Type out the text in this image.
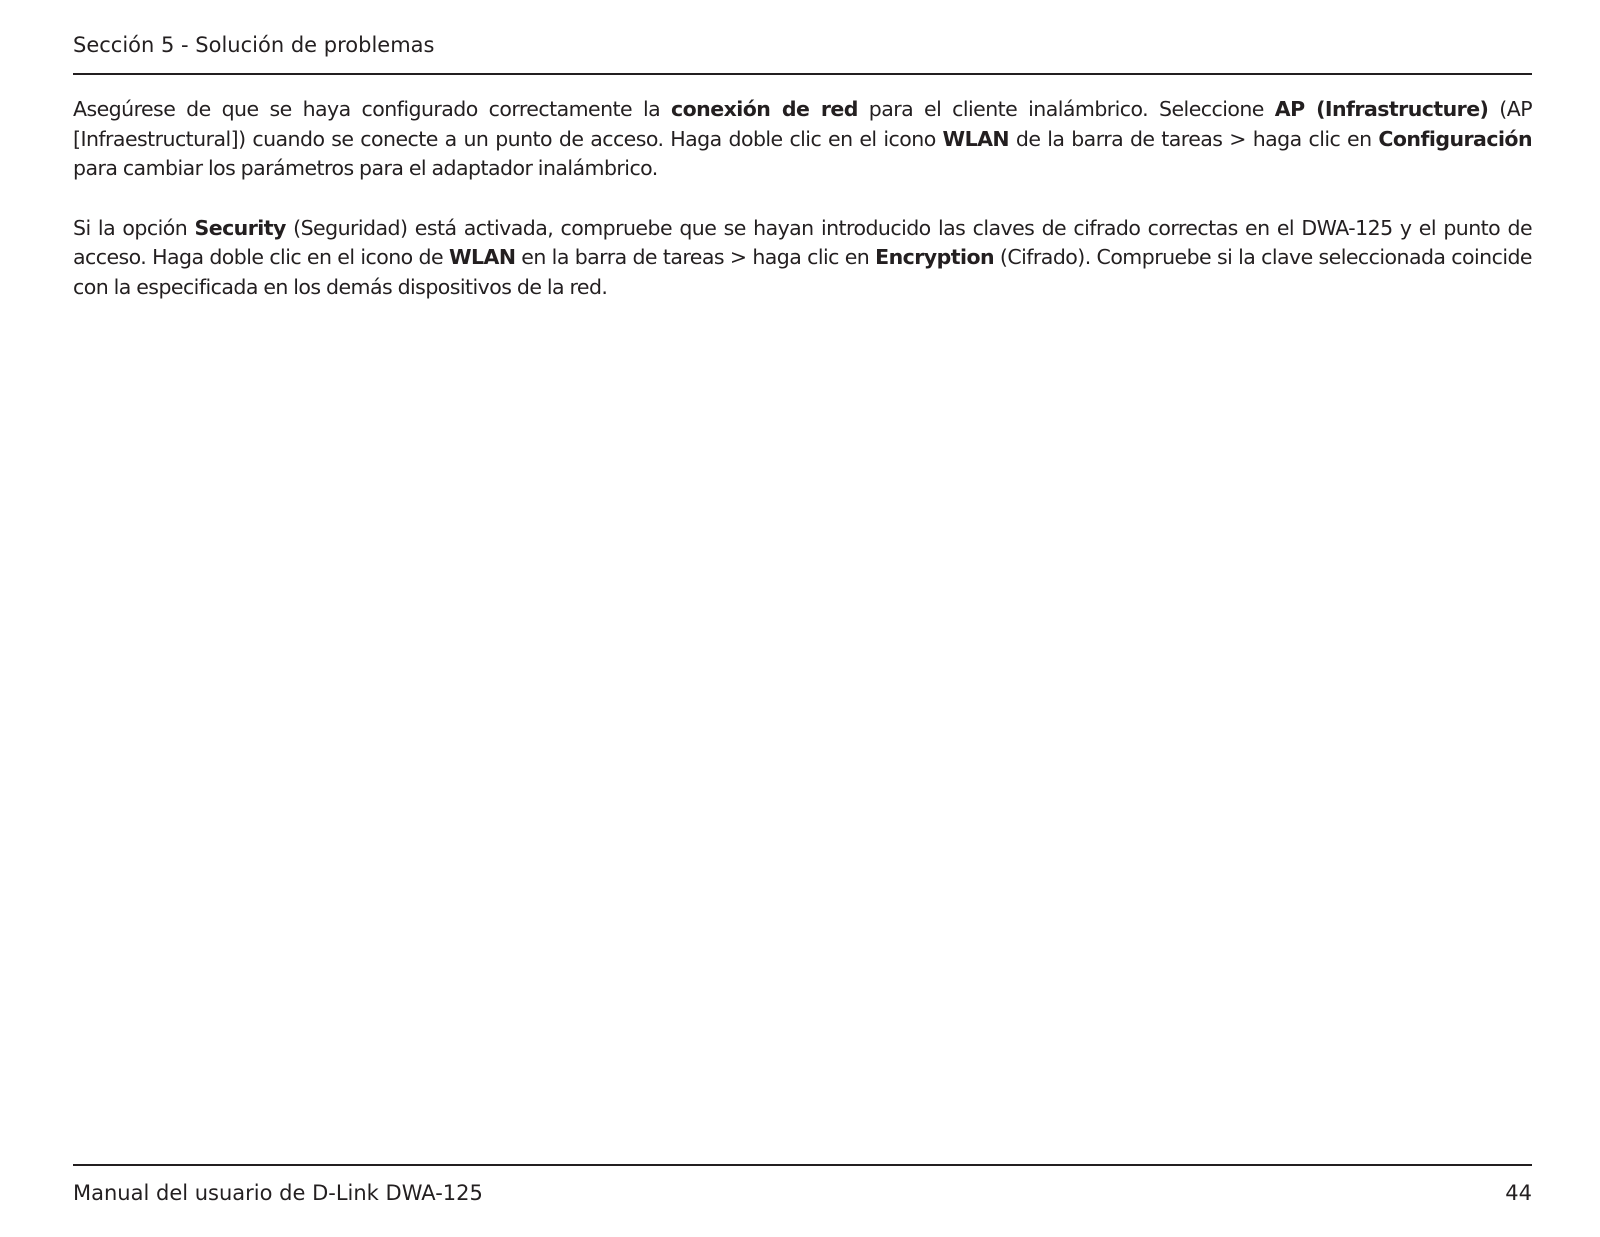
Sección 5 - Solución de problemas

Asegúrese de que se haya configurado correctamente la conexión de red para el cliente inalámbrico. Seleccione AP (Infrastructure) (AP [Infraestructural]) cuando se conecte a un punto de acceso. Haga doble clic en el icono WLAN de la barra de tareas > haga clic en Configuración para cambiar los parámetros para el adaptador inalámbrico.

Si la opción Security (Seguridad) está activada, compruebe que se hayan introducido las claves de cifrado correctas en el DWA-125 y el punto de acceso. Haga doble clic en el icono de WLAN en la barra de tareas > haga clic en Encryption (Cifrado). Compruebe si la clave seleccionada coincide con la especificada en los demás dispositivos de la red.

Manual del usuario de D-Link DWA-125	44
